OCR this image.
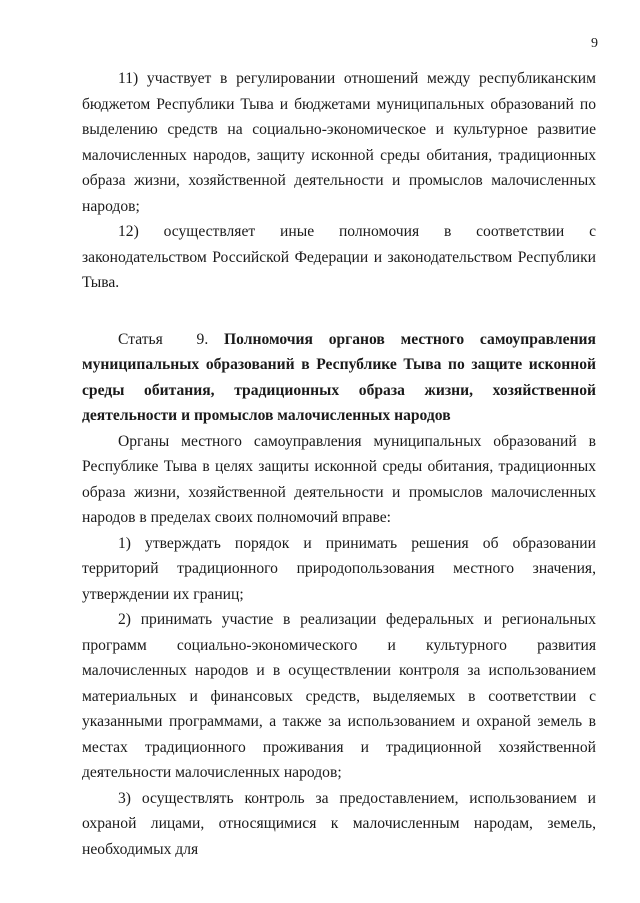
9

11) участвует в регулировании отношений между республиканским бюджетом Республики Тыва и бюджетами муниципальных образований по выделению средств на социально-экономическое и культурное развитие малочисленных народов, защиту исконной среды обитания, традиционных образа жизни, хозяйственной деятельности и промыслов малочисленных народов;

12) осуществляет иные полномочия в соответствии с законодательством Российской Федерации и законодательством Республики Тыва.

Статья 9. Полномочия органов местного самоуправления муниципальных образований в Республике Тыва по защите исконной среды обитания, традиционных образа жизни, хозяйственной деятельности и промыслов малочисленных народов

Органы местного самоуправления муниципальных образований в Республике Тыва в целях защиты исконной среды обитания, традиционных образа жизни, хозяйственной деятельности и промыслов малочисленных народов в пределах своих полномочий вправе:

1) утверждать порядок и принимать решения об образовании территорий традиционного природопользования местного значения, утверждении их границ;

2) принимать участие в реализации федеральных и региональных программ социально-экономического и культурного развития малочисленных народов и в осуществлении контроля за использованием материальных и финансовых средств, выделяемых в соответствии с указанными программами, а также за использованием и охраной земель в местах традиционного проживания и традиционной хозяйственной деятельности малочисленных народов;

3) осуществлять контроль за предоставлением, использованием и охраной лицами, относящимися к малочисленным народам, земель, необходимых для
